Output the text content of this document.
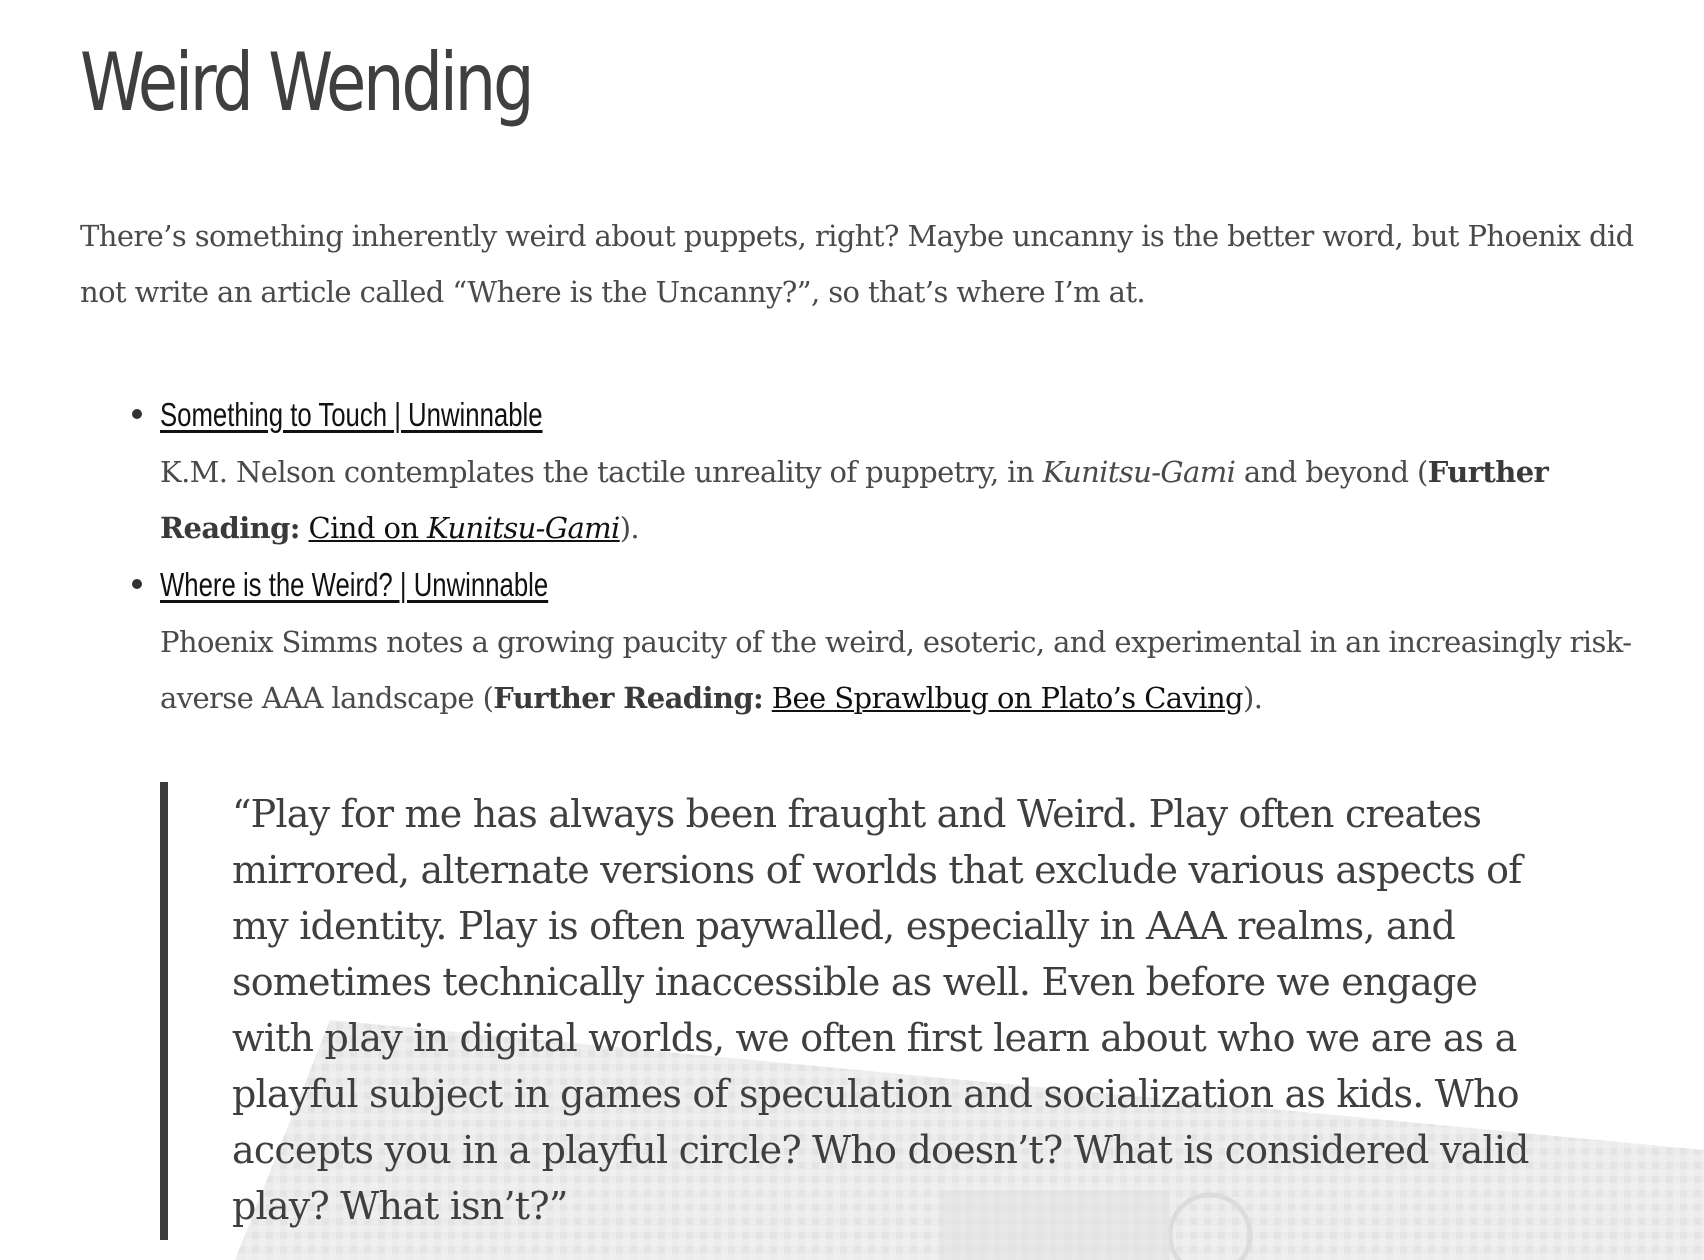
Weird Wending

There’s something inherently weird about puppets, right? Maybe uncanny is the better word, but Phoenix did not write an article called “Where is the Uncanny?”, so that’s where I’m at.

Something to Touch | Unwinnable
K.M. Nelson contemplates the tactile unreality of puppetry, in Kunitsu-Gami and beyond (Further Reading: Cind on Kunitsu-Gami).
Where is the Weird? | Unwinnable
Phoenix Simms notes a growing paucity of the weird, esoteric, and experimental in an increasingly risk-averse AAA landscape (Further Reading: Bee Sprawlbug on Plato’s Caving).
“Play for me has always been fraught and Weird. Play often creates mirrored, alternate versions of worlds that exclude various aspects of my identity. Play is often paywalled, especially in AAA realms, and sometimes technically inaccessible as well. Even before we engage with play in digital worlds, we often first learn about who we are as a playful subject in games of speculation and socialization as kids. Who accepts you in a playful circle? Who doesn’t? What is considered valid play? What isn’t?”
